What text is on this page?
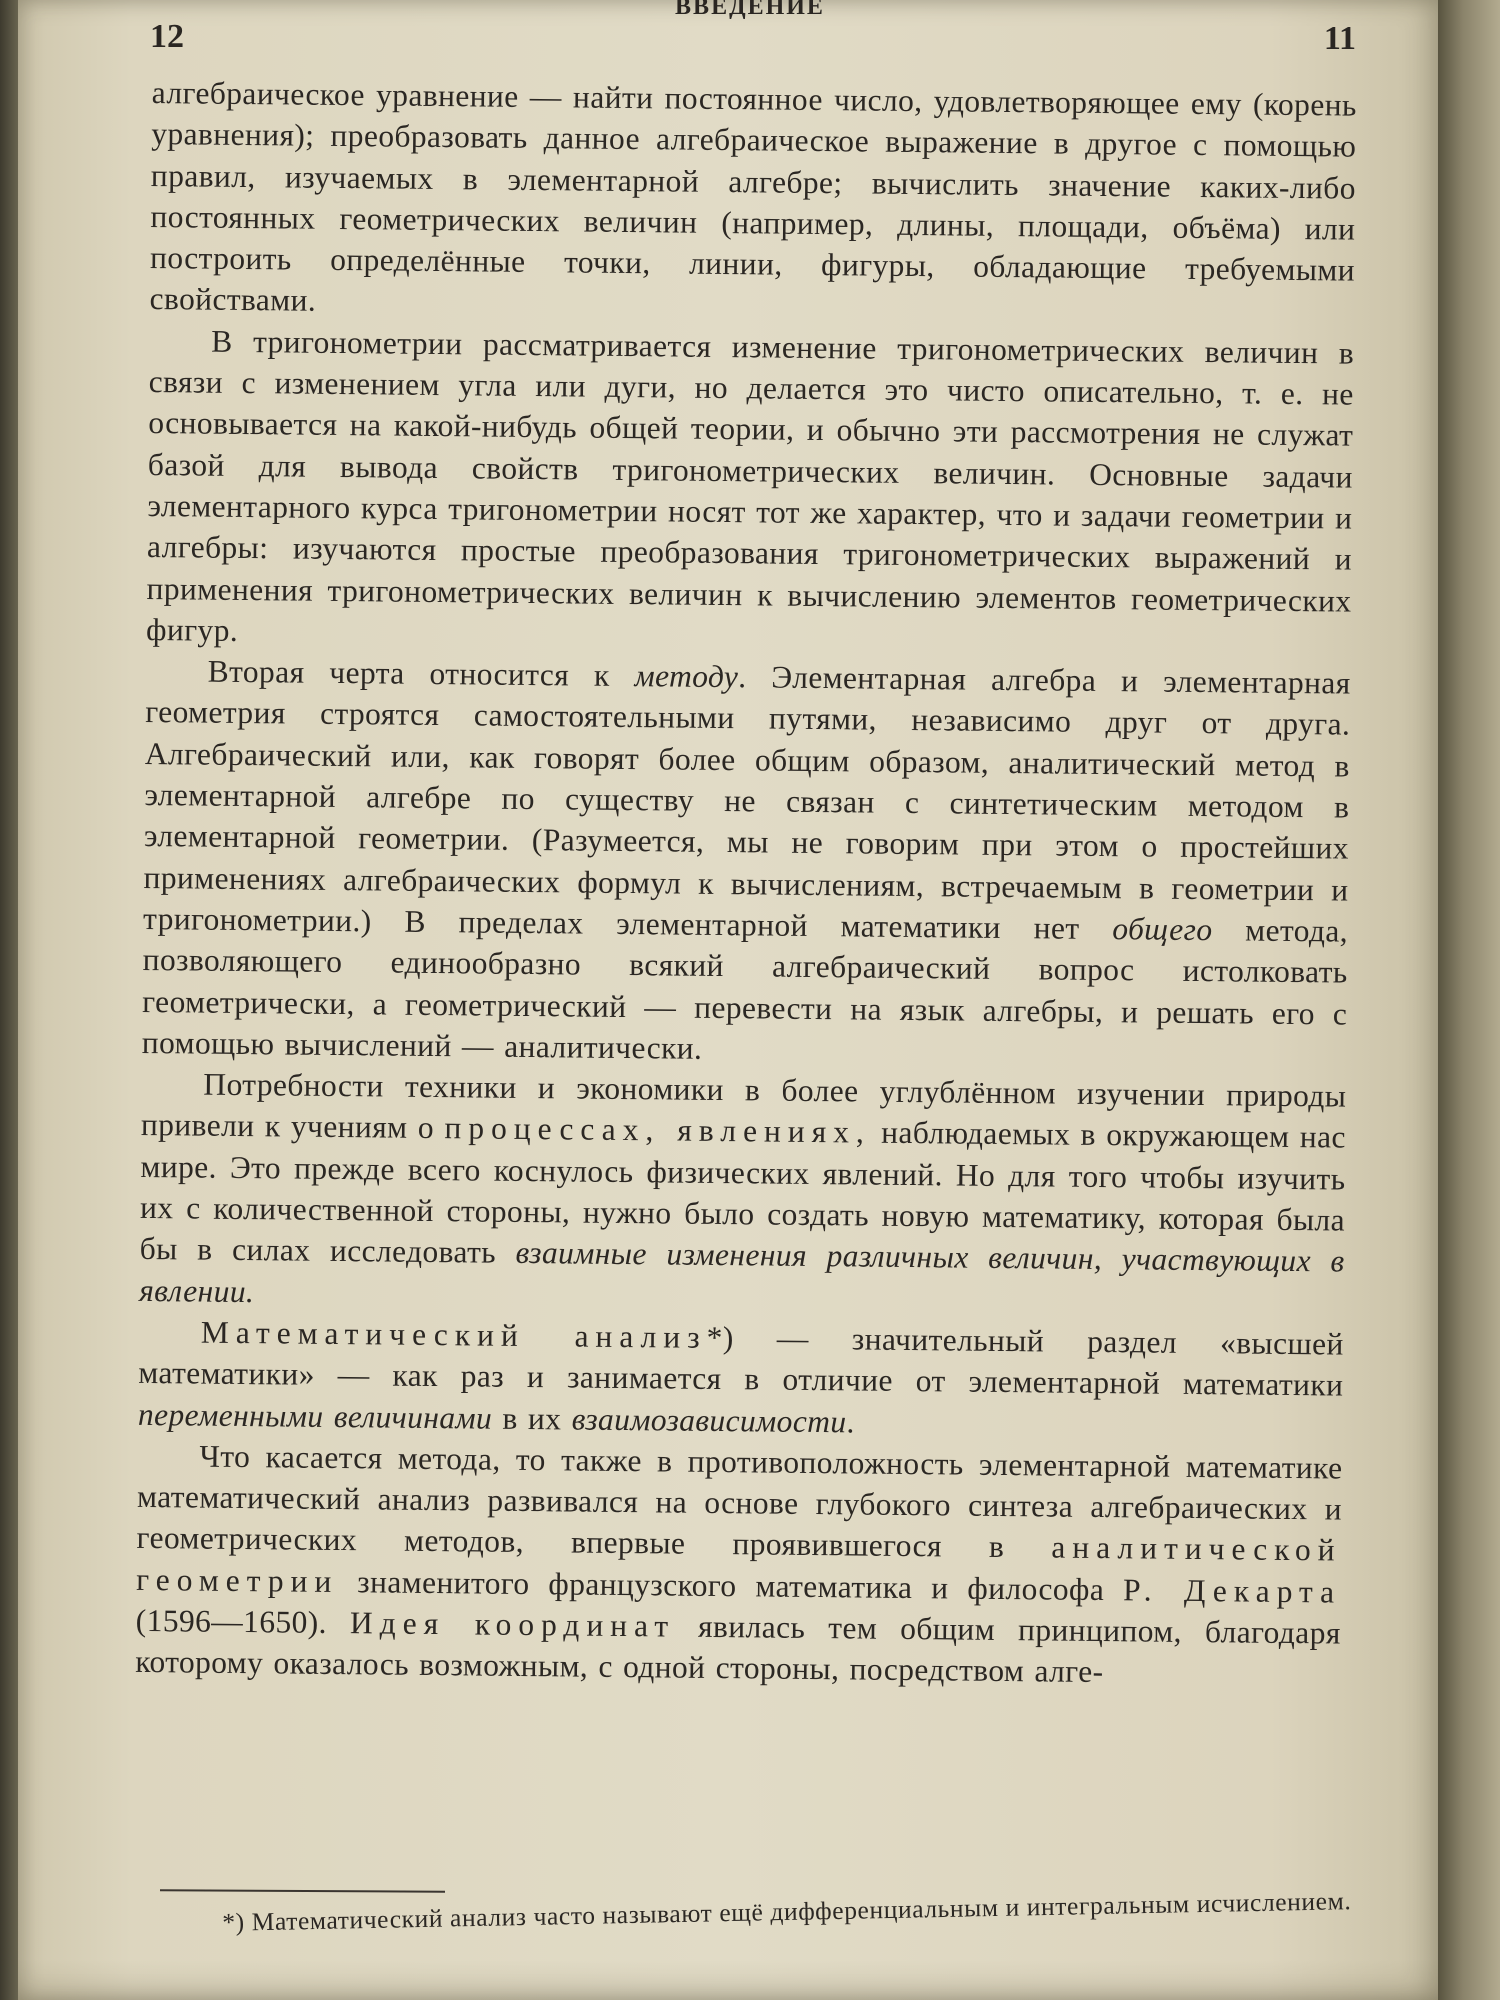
12
ВВЕДЕНИЕ
11

алгебраическое уравнение — найти постоянное число, удовлетворяющее ему (корень уравнения); преобразовать данное алгебраическое выражение в другое с помощью правил, изучаемых в элементарной алгебре; вычислить значение каких-либо постоянных геометрических величин (например, длины, площади, объёма) или построить определённые точки, линии, фигуры, обладающие требуемыми свойствами.

В тригонометрии рассматривается изменение тригонометрических величин в связи с изменением угла или дуги, но делается это чисто описательно, т. е. не основывается на какой-нибудь общей теории, и обычно эти рассмотрения не служат базой для вывода свойств тригонометрических величин. Основные задачи элементарного курса тригонометрии носят тот же характер, что и задачи геометрии и алгебры: изучаются простые преобразования тригонометрических выражений и применения тригонометрических величин к вычислению элементов геометрических фигур.

Вторая черта относится к методу. Элементарная алгебра и элементарная геометрия строятся самостоятельными путями, независимо друг от друга. Алгебраический или, как говорят более общим образом, аналитический метод в элементарной алгебре по существу не связан с синтетическим методом в элементарной геометрии. (Разумеется, мы не говорим при этом о простейших применениях алгебраических формул к вычислениям, встречаемым в геометрии и тригонометрии.) В пределах элементарной математики нет общего метода, позволяющего единообразно всякий алгебраический вопрос истолковать геометрически, а геометрический — перевести на язык алгебры, и решать его с помощью вычислений — аналитически.

Потребности техники и экономики в более углублённом изучении природы привели к учениям о процессах, явлениях, наблюдаемых в окружающем нас мире. Это прежде всего коснулось физических явлений. Но для того чтобы изучить их с количественной стороны, нужно было создать новую математику, которая была бы в силах исследовать взаимные изменения различных величин, участвующих в явлении.

Математический анализ*) — значительный раздел «высшей математики» — как раз и занимается в отличие от элементарной математики переменными величинами в их взаимозависимости.

Что касается метода, то также в противоположность элементарной математике математический анализ развивался на основе глубокого синтеза алгебраических и геометрических методов, впервые проявившегося в аналитической геометрии знаменитого французского математика и философа Р. Декарта (1596—1650). Идея координат явилась тем общим принципом, благодаря которому оказалось возможным, с одной стороны, посредством алге-

*) Математический анализ часто называют ещё дифференциальным и интегральным исчислением.
